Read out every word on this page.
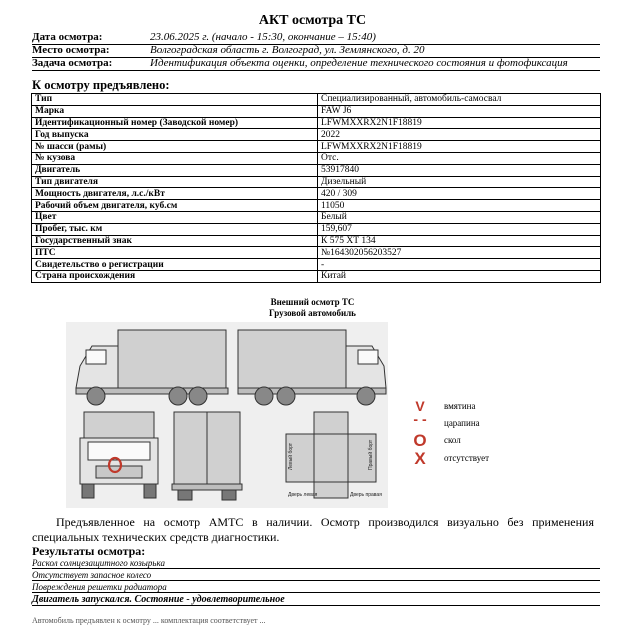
АКТ осмотра ТС
Дата осмотра:	23.06.2025 г. (начало - 15:30, окончание – 15:40)
Место осмотра:	Волгоградская область г. Волгоград, ул. Землянского, д. 20
Задача осмотра:	Идентификация объекта оценки, определение технического состояния и фотофиксация
К осмотру предъявлено:
Тип	Специализированный, автомобиль-самосвал
Марка	FAW J6
Идентификационный номер (Заводской номер)	LFWMXXRX2N1F18819
Год выпуска	2022
№ шасси (рамы)	LFWMXXRX2N1F18819
№ кузова	Отс.
Двигатель	53917840
Тип двигателя	Дизельный
Мощность двигателя, л.с./кВт	420 / 309
Рабочий объем двигателя, куб.см	11050
Цвет	Белый
Пробег, тыс. км	159,607
Государственный знак	К 575 ХТ 134
ПТС	№164302056203527
Свидетельство о регистрации	-
Страна происхождения	Китай
Внешний осмотр ТС
Грузовой автомобиль
Левый борт	Правый борт
Дверь левая	Дверь правая
V	вмятина
- -	царапина
O	скол
X	отсутствует
Предъявленное на осмотр АМТС в наличии. Осмотр производился визуально без применения специальных технических средств диагностики.
Результаты осмотра:
Раскол солнцезащитного козырька
Отсутствует запасное колесо
Повреждения решетки радиатора
Двигатель запускался. Состояние - удовлетворительное
Автомобиль предъявлен к осмотру ... комплектация соответствует ...
